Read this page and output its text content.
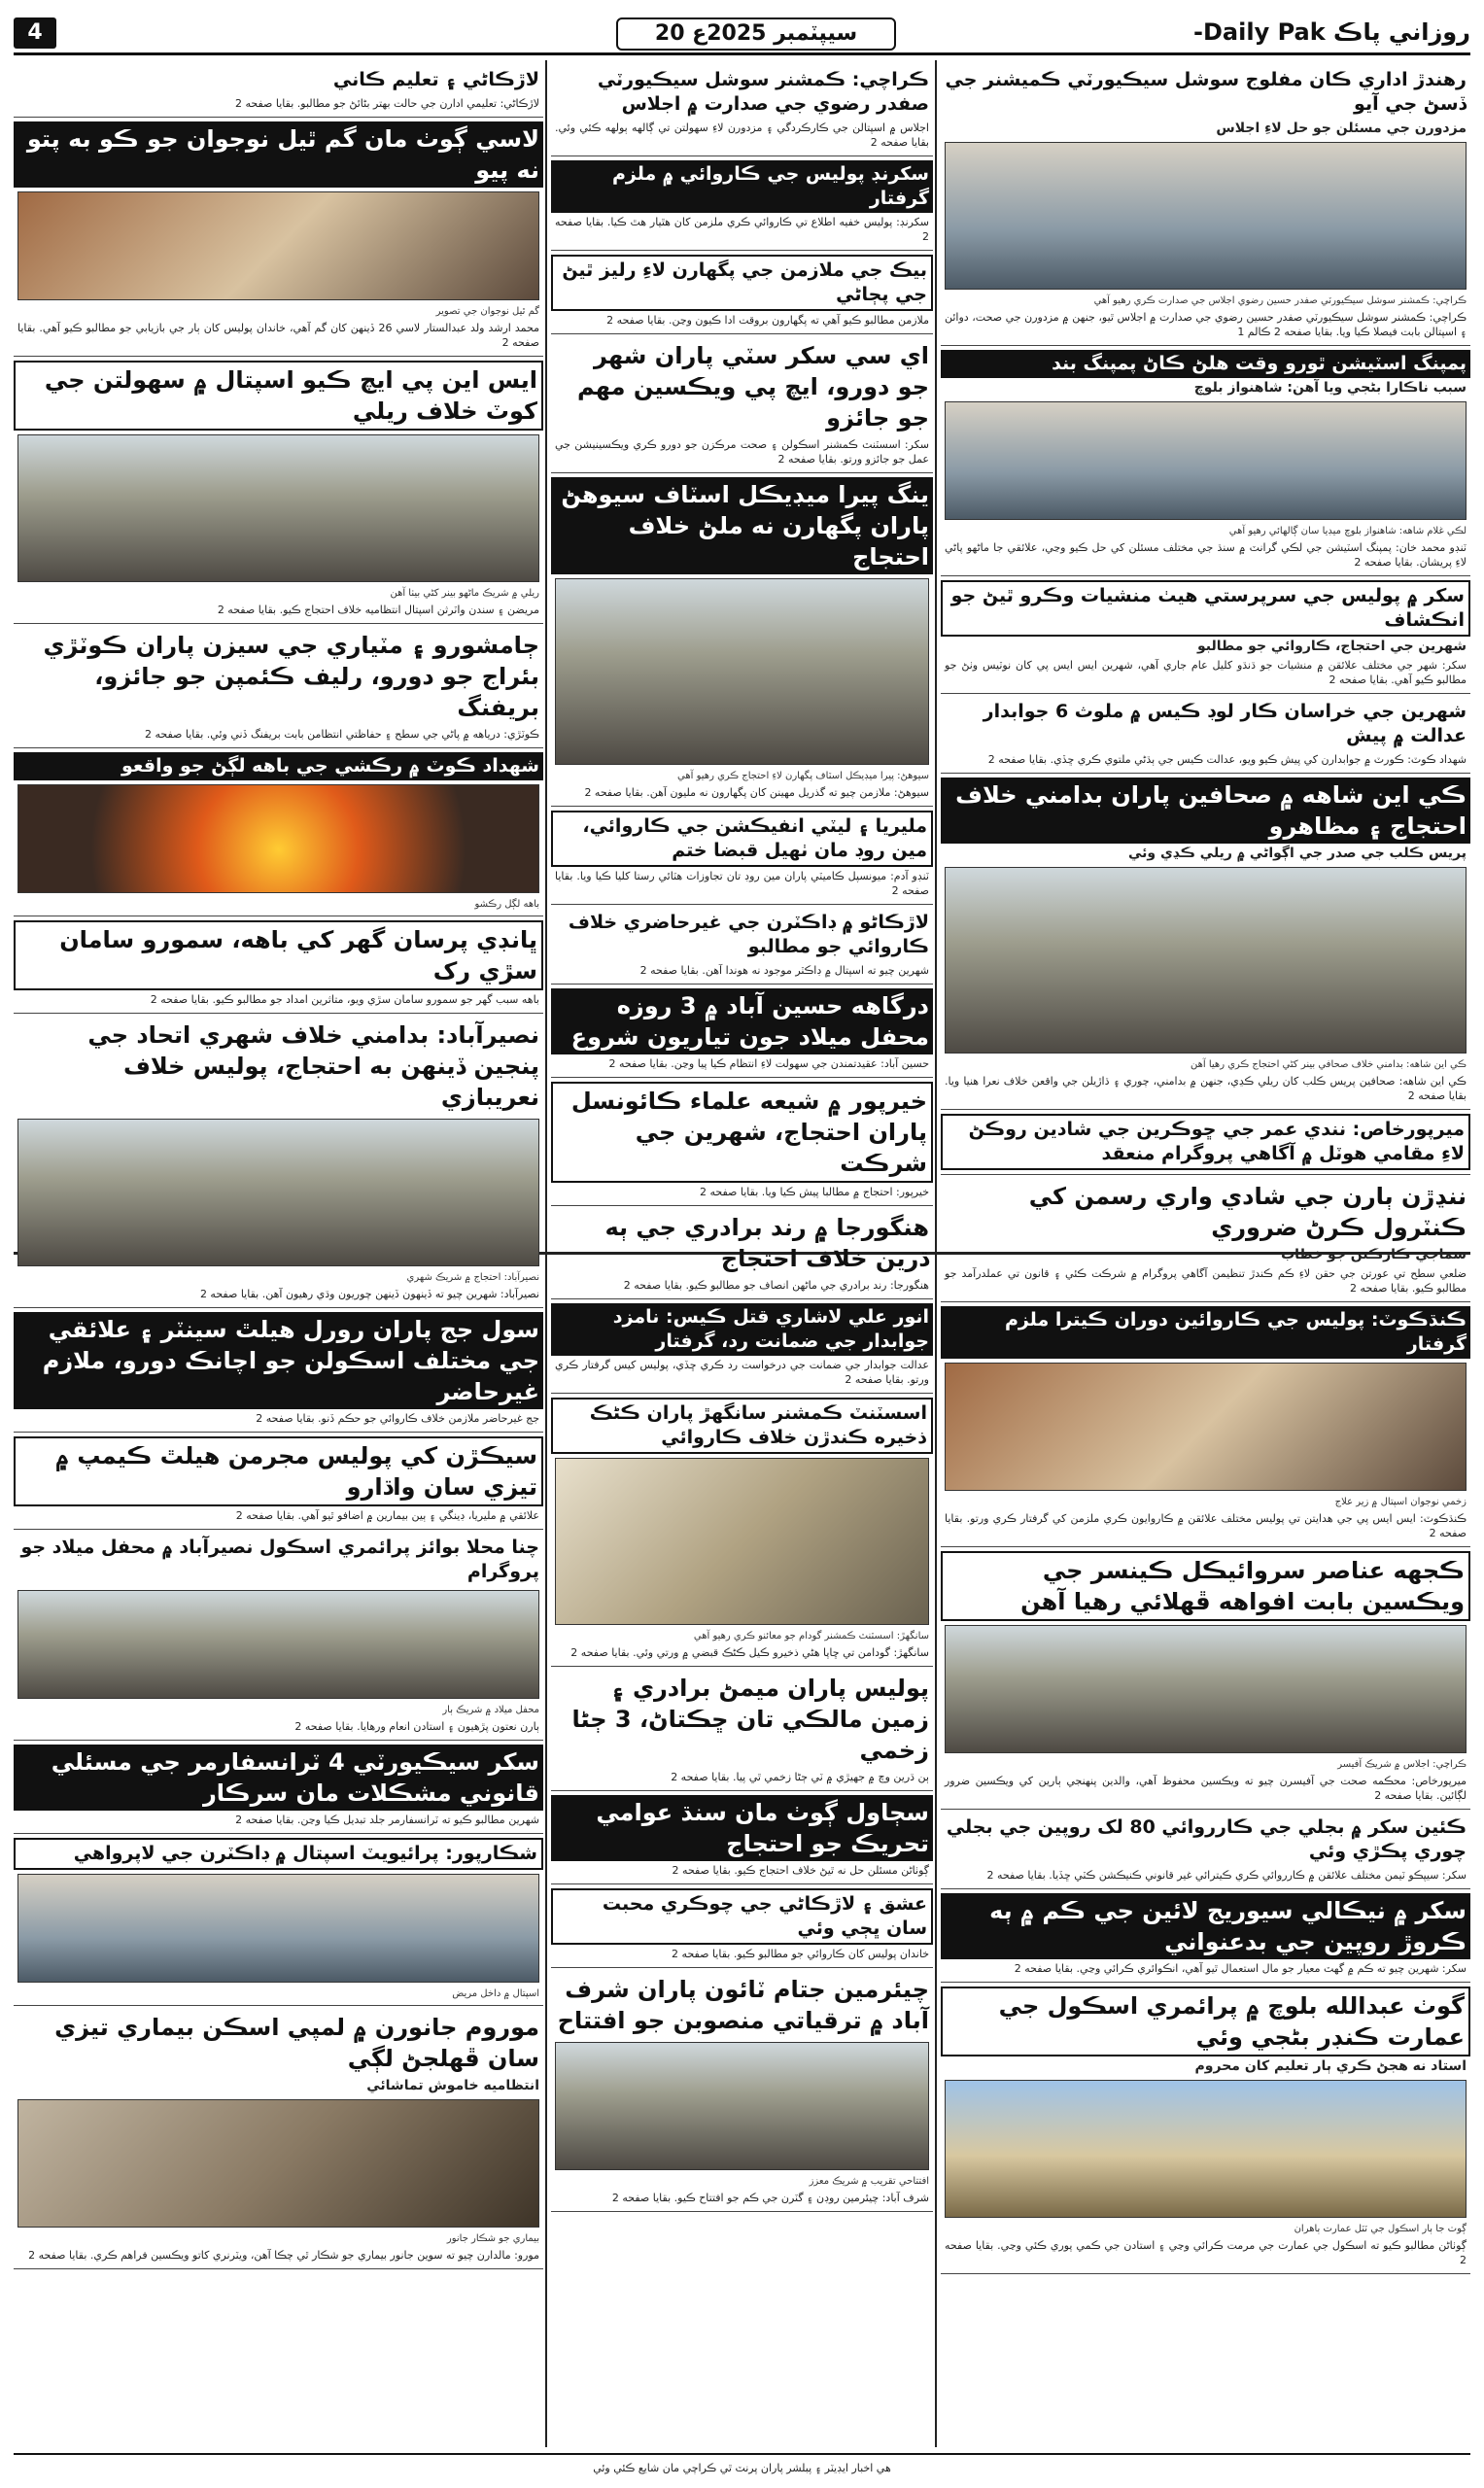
4	20 سيپٽمبر 2025ع	روزاني پاڪ Daily Pak-
رهندڙ اداري ڪان مفلوج سوشل سيڪيورٽي ڪميشنر جي ڏسڻ جي آيو
مزدورن جي مسئلن جو حل لاءِ اجلاس
ڪراچي: ڪمشنر سوشل سيڪيورٽي صفدر حسين رضوي اجلاس جي صدارت ڪري رهيو آهي
ڪراچي: ڪمشنر سوشل سيڪيورٽي صفدر حسين رضوي جي صدارت ۾ اجلاس ٿيو، جنهن ۾ مزدورن جي صحت، دوائن ۽ اسپتالن بابت فيصلا ڪيا ويا. بقايا صفحه 2 ڪالم 1
پمپنگ اسٽيشن ٿورو وقت هلڻ ڪاڻ پمپنگ بند
سبب ناڪارا بڻجي ويا آهن: شاهنواز بلوچ
لڪي غلام شاهه: شاهنواز بلوچ ميڊيا سان ڳالهائي رهيو آهي
ٽنڊو محمد خان: پمپنگ اسٽيشن جي لڪي گرانٽ ۾ سنڌ جي مختلف مسئلن کي حل ڪيو وڃي، علائقي جا ماڻهو پاڻي لاءِ پريشان. بقايا صفحه 2
سکر ۾ پوليس جي سرپرستي هيٺ منشيات وڪرو ٿيڻ جو انڪشاف
شهرين جي احتجاج، ڪاروائي جو مطالبو
سکر: شهر جي مختلف علائقن ۾ منشيات جو ڌنڌو کليل عام جاري آهي، شهرين ايس ايس پي کان نوٽيس وٺڻ جو مطالبو ڪيو آهي. بقايا صفحه 2
شهرين جي خراسان ڪار لوڊ ڪيس ۾ ملوث 6 جوابدار عدالت ۾ پيش
شهداد ڪوٽ: ڪورٽ ۾ جوابدارن کي پيش ڪيو ويو، عدالت ڪيس جي ٻڌڻي ملتوي ڪري ڇڏي. بقايا صفحه 2
ڪي اين شاهه ۾ صحافين پاران بدامني خلاف احتجاج ۽ مظاهرو
پريس ڪلب جي صدر جي اڳواڻي ۾ ريلي ڪڍي وئي
ڪي اين شاهه: بدامني خلاف صحافي بينر کڻي احتجاج ڪري رهيا آهن
ڪي اين شاهه: صحافين پريس ڪلب کان ريلي ڪڍي، جنهن ۾ بدامني، چوري ۽ ڌاڙيلن جي واقعن خلاف نعرا هنيا ويا. بقايا صفحه 2
ميرپورخاص: نندي عمر جي ڇوڪرين جي شادين روڪڻ لاءِ مقامي هوٽل ۾ آگاهي پروگرام منعقد
ننڍڙن ٻارن جي شادي واري رسمن کي ڪنٽرول ڪرڻ ضروري
سماجي ڪارڪنن جو خطاب
ضلعي سطح تي عورتن جي حقن لاءِ ڪم ڪندڙ تنظيمن آگاهي پروگرام ۾ شرڪت ڪئي ۽ قانون تي عملدرآمد جو مطالبو ڪيو. بقايا صفحه 2
ڪنڌڪوٽ: پوليس جي ڪاروائين دوران ڪيترا ملزم گرفتار
زخمي نوجوان اسپتال ۾ زير علاج
ڪنڌڪوٽ: ايس ايس پي جي هدايتن تي پوليس مختلف علائقن ۾ ڪاروايون ڪري ملزمن کي گرفتار ڪري ورتو. بقايا صفحه 2
ڪجهه عناصر سروائيڪل ڪينسر جي ويڪسين بابت افواهه ڦهلائي رهيا آهن
ڪراچي: اجلاس ۾ شريڪ آفيسر
ميرپورخاص: محڪمه صحت جي آفيسرن چيو ته ويڪسين محفوظ آهي، والدين پنهنجي ٻارين کي ويڪسين ضرور لڳائين. بقايا صفحه 2
ڪئين سکر ۾ بجلي جي ڪارروائي 80 لک روپين جي بجلي چوري پڪڙي وئي
سکر: سيپڪو ٽيمن مختلف علائقن ۾ ڪارروائي ڪري ڪيترائي غير قانوني ڪنيڪشن ڪٽي ڇڏيا. بقايا صفحه 2
سکر ۾ نيڪالي سيوريج لائين جي ڪم ۾ ٻه ڪروڙ روپين جي بدعنواني
سکر: شهرين چيو ته ڪم ۾ گهٽ معيار جو مال استعمال ٿيو آهي، انڪوائري ڪرائي وڃي. بقايا صفحه 2
گوٺ عبدالله بلوچ ۾ پرائمري اسڪول جي عمارت ڪنڊر بڻجي وئي
استاد نه هجڻ ڪري ٻار تعليم کان محروم
ڳوٺ جا ٻار اسڪول جي ٽٽل عمارت ٻاهران
ڳوٺاڻن مطالبو ڪيو ته اسڪول جي عمارت جي مرمت ڪرائي وڃي ۽ استادن جي ڪمي پوري ڪئي وڃي. بقايا صفحه 2
ڪراچي: ڪمشنر سوشل سيڪيورٽي صفدر رضوي جي صدارت ۾ اجلاس
اجلاس ۾ اسپتالن جي ڪارڪردگي ۽ مزدورن لاءِ سهولتن تي ڳالهه ٻولهه ڪئي وئي. بقايا صفحه 2
سکرنڊ پوليس جي ڪاروائي ۾ ملزم گرفتار
سکرنڊ: پوليس خفيه اطلاع تي ڪاروائي ڪري ملزمن کان هٿيار هٿ ڪيا. بقايا صفحه 2
بيڪ جي ملازمن جي پگهارن لاءِ رليز ٿيڻ جي پڄاڻي
ملازمن مطالبو ڪيو آهي ته پگهارون بروقت ادا ڪيون وڃن. بقايا صفحه 2
اي سي سکر سٽي پاران شهر جو دورو، ايچ پي ويڪسين مهم جو جائزو
سکر: اسسٽنٽ ڪمشنر اسڪولن ۽ صحت مرڪزن جو دورو ڪري ويڪسينيشن جي عمل جو جائزو ورتو. بقايا صفحه 2
ينگ پيرا ميڊيڪل اسٽاف سيوهڻ پاران پگهارن نه ملڻ خلاف احتجاج
سيوهڻ: پيرا ميڊيڪل اسٽاف پگهارن لاءِ احتجاج ڪري رهيو آهي
سيوهڻ: ملازمن چيو ته گذريل مهينن کان پگهارون نه مليون آهن. بقايا صفحه 2
مليريا ۽ ليٽي انفيڪشن جي ڪاروائي، مين روڊ مان ٺهيل قبضا ختم
ٽنڊو آدم: ميونسپل ڪاميٽي پاران مين روڊ تان تجاوزات هٽائي رستا کليا ڪيا ويا. بقايا صفحه 2
لاڙڪاڻو ۾ ڊاڪٽرن جي غيرحاضري خلاف ڪاروائي جو مطالبو
شهرين چيو ته اسپتال ۾ ڊاڪٽر موجود نه هوندا آهن. بقايا صفحه 2
درگاهه حسين آباد ۾ 3 روزه محفل ميلاد جون تياريون شروع
حسين آباد: عقيدتمندن جي سهولت لاءِ انتظام ڪيا پيا وڃن. بقايا صفحه 2
خيرپور ۾ شيعه علماء ڪائونسل پاران احتجاج، شهرين جي شرڪت
خيرپور: احتجاج ۾ مطالبا پيش ڪيا ويا. بقايا صفحه 2
هنگورجا ۾ رند برادري جي ٻه ڌرين خلاف احتجاج
هنگورجا: رند برادري جي ماڻهن انصاف جو مطالبو ڪيو. بقايا صفحه 2
انور علي لاشاري قتل ڪيس: نامزد جوابدار جي ضمانت رد، گرفتار
عدالت جوابدار جي ضمانت جي درخواست رد ڪري ڇڏي، پوليس کيس گرفتار ڪري ورتو. بقايا صفحه 2
اسسٽنٽ ڪمشنر سانگهڙ پاران ڪڻڪ ذخيره ڪندڙن خلاف ڪاروائي
سانگهڙ: اسسٽنٽ ڪمشنر گودام جو معائنو ڪري رهيو آهي
سانگهڙ: گودامن تي ڇاپا هڻي ذخيرو ڪيل ڪڻڪ قبضي ۾ ورتي وئي. بقايا صفحه 2
پوليس پاران ميمڻ برادري ۽ زمين مالڪي تان ڇڪتاڻ، 3 ڄڻا زخمي
ٻن ڌرين وچ ۾ جهيڙي ۾ ٽي ڄڻا زخمي ٿي پيا. بقايا صفحه 2
سڄاول ڳوٺ مان سنڌ عوامي تحريڪ جو احتجاج
ڳوٺاڻن مسئلن حل نه ٿيڻ خلاف احتجاج ڪيو. بقايا صفحه 2
عشق ۽ لاڙڪاڻي جي چوڪري محبت سان ڀڄي وئي
خاندان پوليس کان ڪاروائي جو مطالبو ڪيو. بقايا صفحه 2
چيئرمين جتام ٽائون پاران شرف آباد ۾ ترقياتي منصوبن جو افتتاح
افتتاحي تقريب ۾ شريڪ معزز
شرف آباد: چيئرمين روڊن ۽ گٽرن جي ڪم جو افتتاح ڪيو. بقايا صفحه 2
لاڙڪاڻي ۽ تعليم ڪاني
لاڙڪاڻي: تعليمي ادارن جي حالت بهتر بڻائڻ جو مطالبو. بقايا صفحه 2
لاسي ڳوٺ مان گم ٿيل نوجوان جو ڪو به پتو نه پيو
گم ٿيل نوجوان جي تصوير
محمد ارشد ولد عبدالستار لاسي 26 ڏينهن کان گم آهي، خاندان پوليس کان ٻار جي بازيابي جو مطالبو ڪيو آهي. بقايا صفحه 2
ايس اين پي ايچ ڪيو اسپتال ۾ سهولتن جي کوٽ خلاف ريلي
ريلي ۾ شريڪ ماڻهو بينر کڻي بيٺا آهن
مريضن ۽ سندن واٽرثن اسپتال انتظاميه خلاف احتجاج ڪيو. بقايا صفحه 2
ڄامشورو ۽ مٽياري جي سيزن پاران ڪوٽڙي بئراج جو دورو، رليف ڪئمپن جو جائزو، بريفنگ
ڪوٽڙي: درياهه ۾ پاڻي جي سطح ۽ حفاظتي انتظامن بابت بريفنگ ڏني وئي. بقايا صفحه 2
شهداد ڪوٽ ۾ رڪشي جي باهه لڳڻ جو واقعو
باهه لڳل رڪشو
ڀانڊي پرسان گهر کي باهه، سمورو سامان سڙي رک
باهه سبب گهر جو سمورو سامان سڙي ويو، متاثرين امداد جو مطالبو ڪيو. بقايا صفحه 2
نصيرآباد: بدامني خلاف شهري اتحاد جي پنجين ڏينهن به احتجاج، پوليس خلاف نعريبازي
نصيرآباد: احتجاج ۾ شريڪ شهري
نصيرآباد: شهرين چيو ته ڏينهون ڏينهن چوريون وڌي رهيون آهن. بقايا صفحه 2
سول جج پاران رورل هيلٿ سينٽر ۽ علائقي جي مختلف اسڪولن جو اچانڪ دورو، ملازم غيرحاضر
جج غيرحاضر ملازمن خلاف ڪاروائي جو حڪم ڏنو. بقايا صفحه 2
سيڪڙن کي پوليس مجرمن هيلٿ ڪيمپ ۾ تيزي سان واڌارو
علائقي ۾ مليريا، ڊينگي ۽ ٻين بيمارين ۾ اضافو ٿيو آهي. بقايا صفحه 2
چنا محلا بوائز پرائمري اسڪول نصيرآباد ۾ محفل ميلاد جو پروگرام
محفل ميلاد ۾ شريڪ ٻار
ٻارن نعتون پڙهيون ۽ استادن انعام ورهايا. بقايا صفحه 2
سکر سيڪيورٽي 4 ٽرانسفارمر جي مسئلي قانوني مشڪلات مان سرڪار
شهرين مطالبو ڪيو ته ٽرانسفارمر جلد تبديل ڪيا وڃن. بقايا صفحه 2
شڪارپور: پرائيويٽ اسپتال ۾ ڊاڪٽرن جي لاپرواهي
اسپتال ۾ داخل مريض
موروم جانورن ۾ لمپي اسڪن بيماري تيزي سان ڦهلجڻ لڳي
انتظاميه خاموش تماشائي
بيماري جو شڪار جانور
مورو: مالدارن چيو ته سوين جانور بيماري جو شڪار ٿي چڪا آهن، ويٽرنري کاتو ويڪسين فراهم ڪري. بقايا صفحه 2
هي اخبار ايڊيٽر ۽ پبلشر پاران پرنٽ ٿي ڪراچي مان شايع ڪئي وئي
